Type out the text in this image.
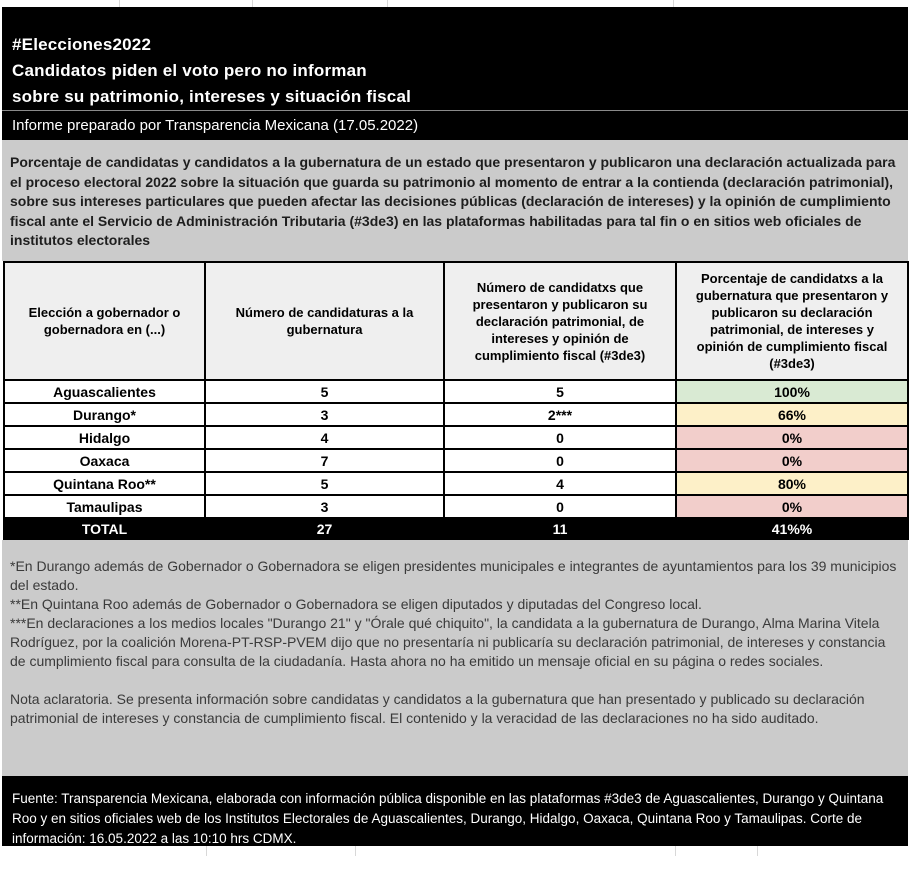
#Elecciones2022
Candidatos piden el voto pero no informan
sobre su patrimonio, intereses y situación fiscal
Informe preparado por Transparencia Mexicana (17.05.2022)
Porcentaje de candidatas y candidatos a la gubernatura de un estado que presentaron y publicaron una declaración actualizada para el proceso electoral 2022 sobre la situación que guarda su patrimonio al momento de entrar a la contienda (declaración patrimonial), sobre sus intereses particulares que pueden afectar las decisiones públicas (declaración de intereses) y la opinión de cumplimiento fiscal ante el Servicio de Administración Tributaria (#3de3) en las plataformas habilitadas para tal fin o en sitios web oficiales de institutos electorales
Elección a gobernador o gobernadora en (...)	Número de candidaturas a la gubernatura	Número de candidatxs que presentaron y publicaron su declaración patrimonial, de intereses y opinión de cumplimiento fiscal (#3de3)	Porcentaje de candidatxs a la gubernatura que presentaron y publicaron su declaración patrimonial, de intereses y opinión de cumplimiento fiscal (#3de3)
Aguascalientes	5	5	100%
Durango*	3	2***	66%
Hidalgo	4	0	0%
Oaxaca	7	0	0%
Quintana Roo**	5	4	80%
Tamaulipas	3	0	0%
TOTAL	27	11	41%%

*En Durango además de Gobernador o Gobernadora se eligen presidentes municipales e integrantes de ayuntamientos para los 39 municipios del estado.

**En Quintana Roo además de Gobernador o Gobernadora se eligen diputados y diputadas del Congreso local.

***En declaraciones a los medios locales "Durango 21" y "Órale qué chiquito", la candidata a la gubernatura de Durango, Alma Marina Vitela Rodríguez, por la coalición Morena-PT-RSP-PVEM dijo que no presentaría ni publicaría su declaración patrimonial, de intereses y constancia de cumplimiento fiscal para consulta de la ciudadanía. Hasta ahora no ha emitido un mensaje oficial en su página o redes sociales.

Nota aclaratoria. Se presenta información sobre candidatas y candidatos a la gubernatura que han presentado y publicado su declaración patrimonial de intereses y constancia de cumplimiento fiscal. El contenido y la veracidad de las declaraciones no ha sido auditado.

Fuente: Transparencia Mexicana, elaborada con información pública disponible en las plataformas #3de3 de Aguascalientes, Durango y Quintana Roo y en sitios oficiales web de los Institutos Electorales de Aguascalientes, Durango, Hidalgo, Oaxaca, Quintana Roo y Tamaulipas. Corte de información: 16.05.2022 a las 10:10 hrs CDMX.
